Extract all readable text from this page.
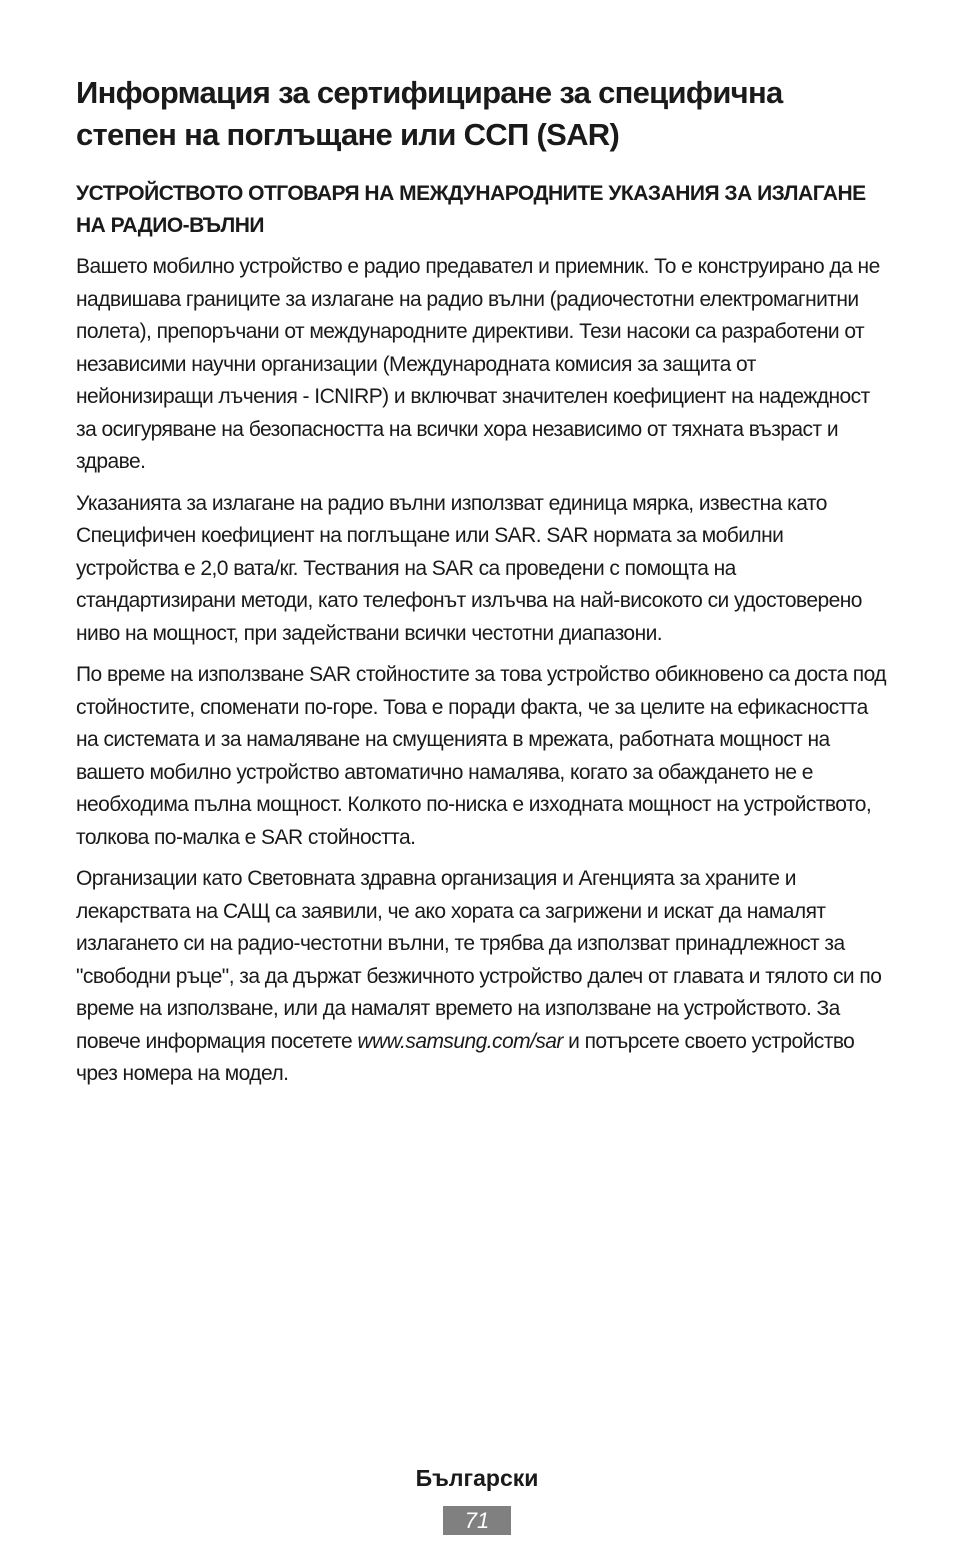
Информация за сертифициране за специфична степен на поглъщане или ССП (SAR)
УСТРОЙСТВОТО ОТГОВАРЯ НА МЕЖДУНАРОДНИТЕ УКАЗАНИЯ ЗА ИЗЛАГАНЕ НА РАДИО-ВЪЛНИ

Вашето мобилно устройство е радио предавател и приемник. То е конструирано да не надвишава границите за излагане на радио вълни (радиочестотни електромагнитни полета), препоръчани от международните директиви. Тези насоки са разработени от независими научни организации (Международната комисия за защита от нейонизиращи лъчения - ICNIRP) и включват значителен коефициент на надеждност за осигуряване на безопасността на всички хора независимо от тяхната възраст и здраве.

Указанията за излагане на радио вълни използват единица мярка, известна като Специфичен коефициент на поглъщане или SAR. SAR нормата за мобилни устройства е 2,0 вата/кг. Тествания на SAR са проведени с помощта на стандартизирани методи, като телефонът излъчва на най-високото си удостоверено ниво на мощност, при задействани всички честотни диапазони.

По време на използване SAR стойностите за това устройство обикновено са доста под стойностите, споменати по-горе. Това е поради факта, че за целите на ефикасността на системата и за намаляване на смущенията в мрежата, работната мощност на вашето мобилно устройство автоматично намалява, когато за обаждането не е необходима пълна мощност. Колкото по-ниска е изходната мощност на устройството, толкова по-малка е SAR стойността.

Организации като Световната здравна организация и Агенцията за храните и лекарствата на САЩ са заявили, че ако хората са загрижени и искат да намалят излагането си на радио-честотни вълни, те трябва да използват принадлежност за "свободни ръце", за да държат безжичното устройство далеч от главата и тялото си по време на използване, или да намалят времето на използване на устройството. За повече информация посетете www.samsung.com/sar и потърсете своето устройство чрез номера на модел.

Български
71
